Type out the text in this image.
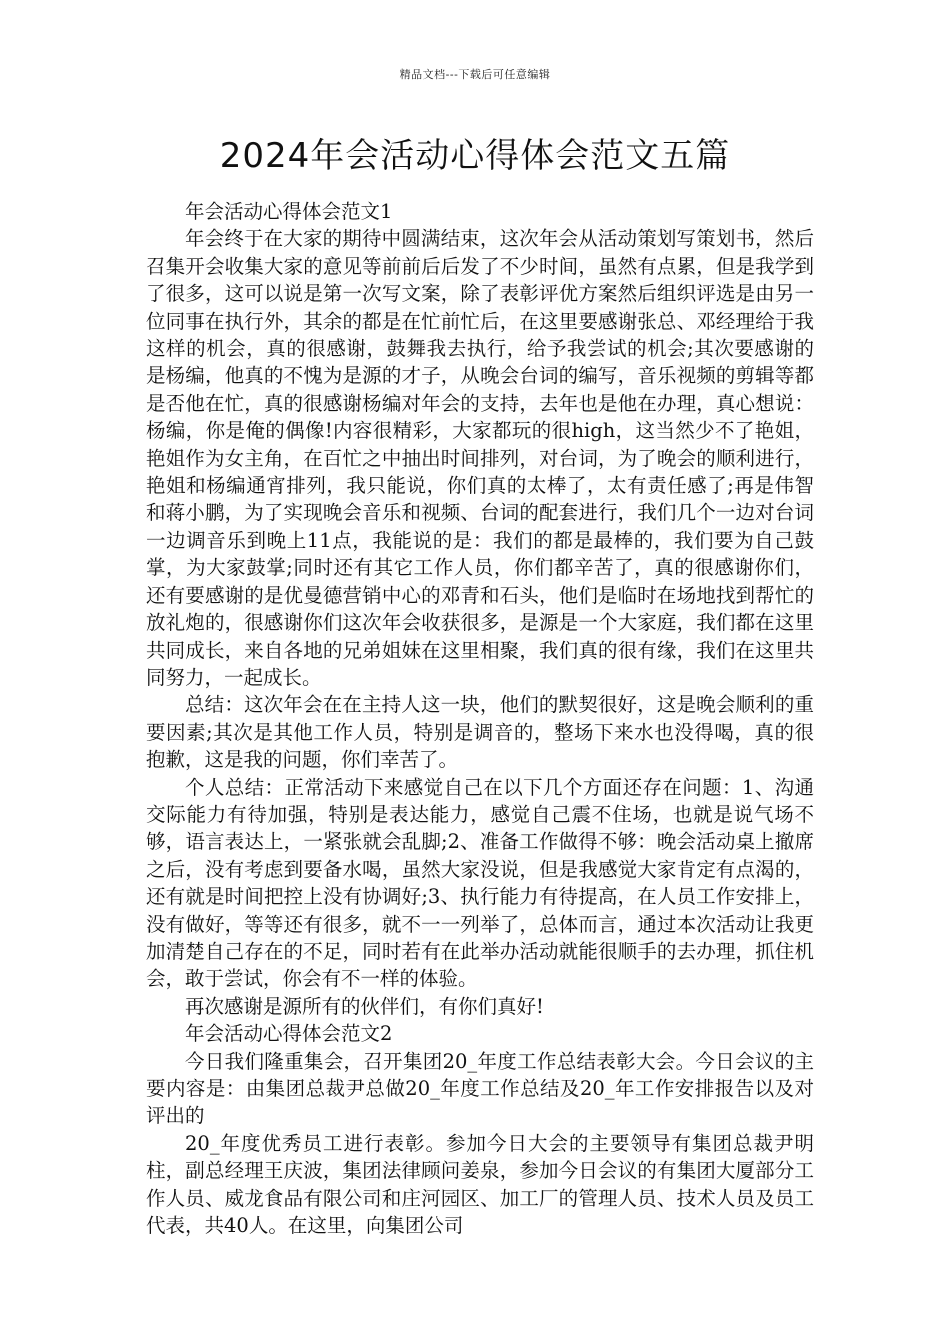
精品文档---下载后可任意编辑
2024年会活动心得体会范文五篇

年会活动心得体会范文1

年会终于在大家的期待中圆满结束，这次年会从活动策划写策划书，然后召集开会收集大家的意见等前前后后发了不少时间，虽然有点累，但是我学到了很多，这可以说是第一次写文案，除了表彰评优方案然后组织评选是由另一位同事在执行外，其余的都是在忙前忙后，在这里要感谢张总、邓经理给于我这样的机会，真的很感谢，鼓舞我去执行，给予我尝试的机会;其次要感谢的是杨编，他真的不愧为是源的才子，从晚会台词的编写，音乐视频的剪辑等都是否他在忙，真的很感谢杨编对年会的支持，去年也是他在办理，真心想说：杨编，你是俺的偶像!内容很精彩，大家都玩的很high，这当然少不了艳姐，艳姐作为女主角，在百忙之中抽出时间排列，对台词，为了晚会的顺利进行，艳姐和杨编通宵排列，我只能说，你们真的太棒了，太有责任感了;再是伟智和蒋小鹏，为了实现晚会音乐和视频、台词的配套进行，我们几个一边对台词一边调音乐到晚上11点，我能说的是：我们的都是最棒的，我们要为自己鼓掌，为大家鼓掌;同时还有其它工作人员，你们都辛苦了，真的很感谢你们，还有要感谢的是优曼德营销中心的邓青和石头，他们是临时在场地找到帮忙的放礼炮的，很感谢你们这次年会收获很多，是源是一个大家庭，我们都在这里共同成长，来自各地的兄弟姐妹在这里相聚，我们真的很有缘，我们在这里共同努力，一起成长。

总结：这次年会在在主持人这一块，他们的默契很好，这是晚会顺利的重要因素;其次是其他工作人员，特别是调音的，整场下来水也没得喝，真的很抱歉，这是我的问题，你们幸苦了。

个人总结：正常活动下来感觉自己在以下几个方面还存在问题：1、沟通交际能力有待加强，特别是表达能力，感觉自己震不住场，也就是说气场不够，语言表达上，一紧张就会乱脚;2、准备工作做得不够：晚会活动桌上撤席之后，没有考虑到要备水喝，虽然大家没说，但是我感觉大家肯定有点渴的，还有就是时间把控上没有协调好;3、执行能力有待提高，在人员工作安排上，没有做好，等等还有很多，就不一一列举了，总体而言，通过本次活动让我更加清楚自己存在的不足，同时若有在此举办活动就能很顺手的去办理，抓住机会，敢于尝试，你会有不一样的体验。

再次感谢是源所有的伙伴们，有你们真好!

年会活动心得体会范文2

今日我们隆重集会，召开集团20_年度工作总结表彰大会。今日会议的主要内容是：由集团总裁尹总做20_年度工作总结及20_年工作安排报告以及对评出的

20_年度优秀员工进行表彰。参加今日大会的主要领导有集团总裁尹明柱，副总经理王庆波，集团法律顾问姜泉，参加今日会议的有集团大厦部分工作人员、威龙食品有限公司和庄河园区、加工厂的管理人员、技术人员及员工代表，共40人。在这里，向集团公司
